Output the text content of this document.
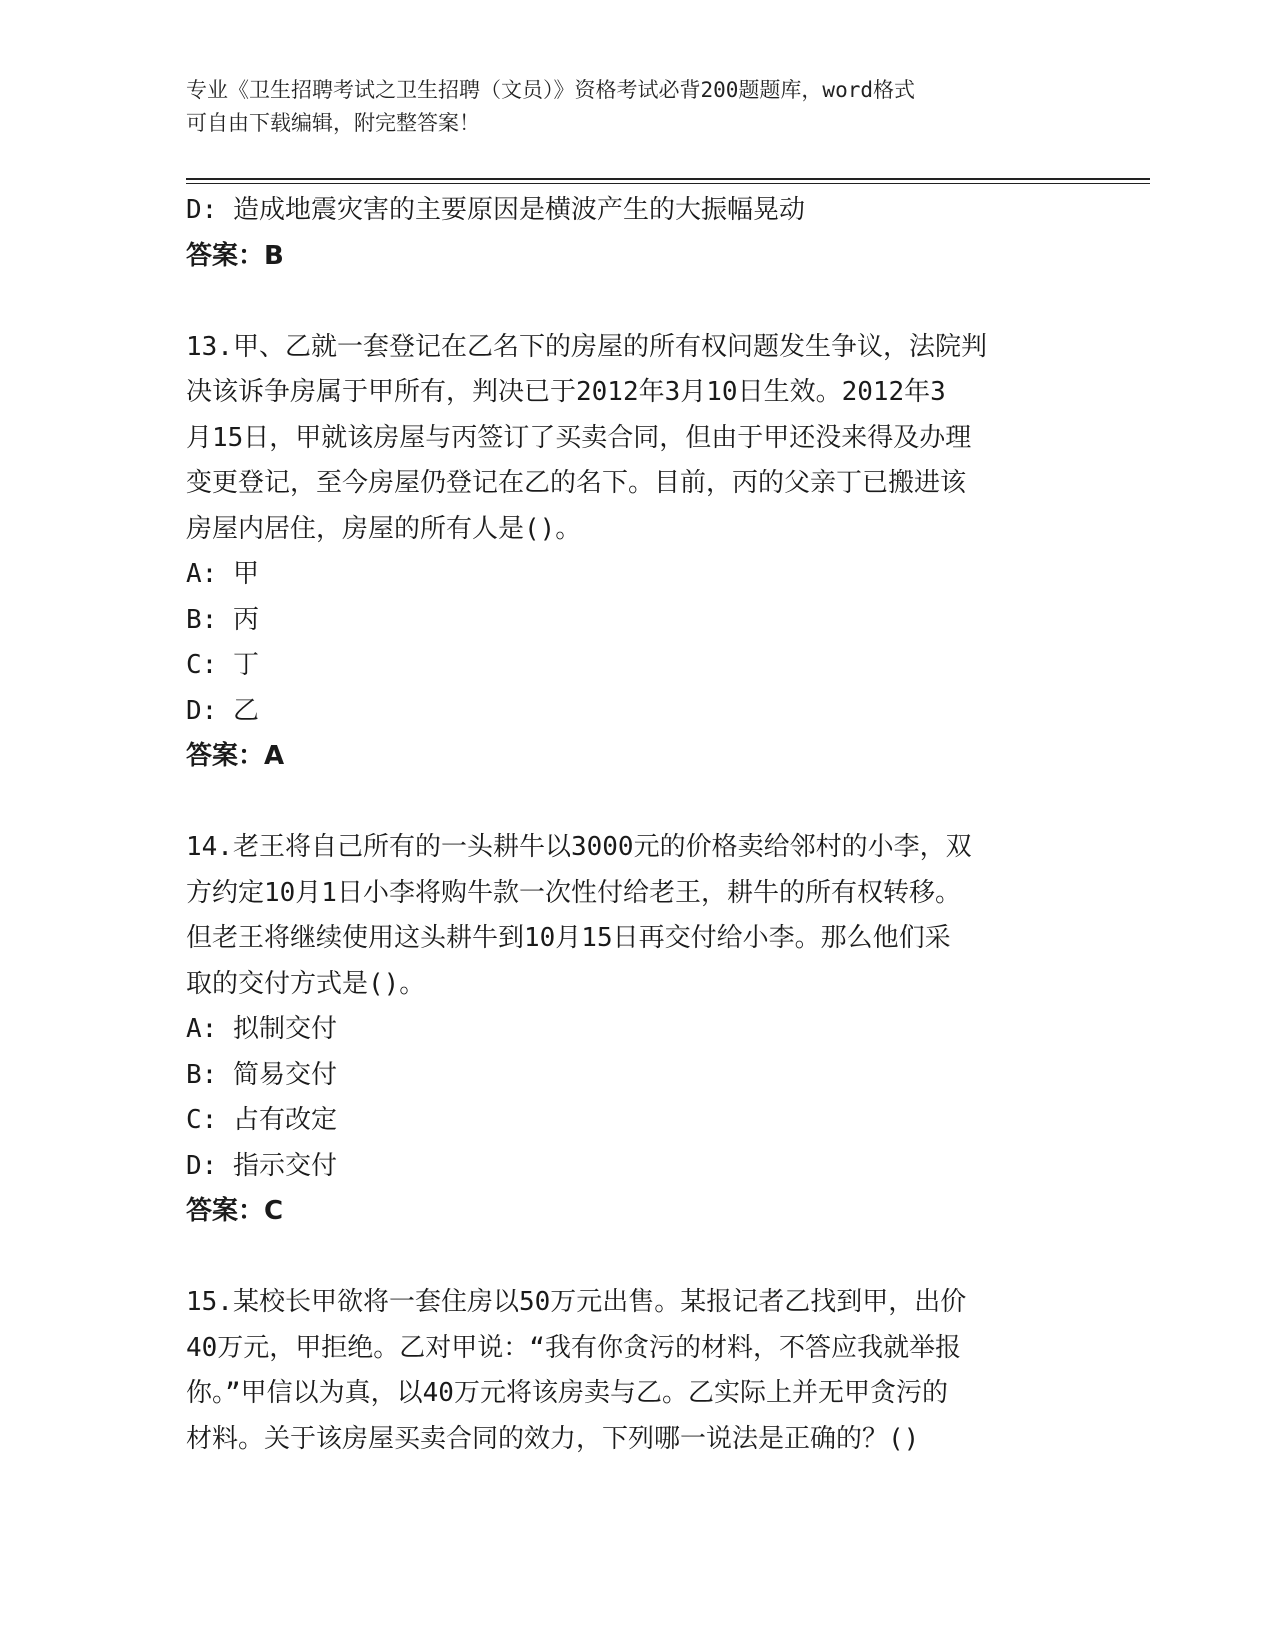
专业《卫生招聘考试之卫生招聘（文员）》资格考试必背200题题库，word格式
可自由下载编辑，附完整答案！
D: 造成地震灾害的主要原因是横波产生的大振幅晃动
答案：B
13.甲、乙就一套登记在乙名下的房屋的所有权问题发生争议，法院判
决该诉争房属于甲所有，判决已于2012年3月10日生效。2012年3
月15日，甲就该房屋与丙签订了买卖合同，但由于甲还没来得及办理
变更登记，至今房屋仍登记在乙的名下。目前，丙的父亲丁已搬进该
房屋内居住，房屋的所有人是()。
A: 甲
B: 丙
C: 丁
D: 乙
答案：A
14.老王将自己所有的一头耕牛以3000元的价格卖给邻村的小李，双
方约定10月1日小李将购牛款一次性付给老王，耕牛的所有权转移。
但老王将继续使用这头耕牛到10月15日再交付给小李。那么他们采
取的交付方式是()。
A: 拟制交付
B: 简易交付
C: 占有改定
D: 指示交付
答案：C
15.某校长甲欲将一套住房以50万元出售。某报记者乙找到甲，出价
40万元，甲拒绝。乙对甲说：“我有你贪污的材料，不答应我就举报
你。”甲信以为真，以40万元将该房卖与乙。乙实际上并无甲贪污的
材料。关于该房屋买卖合同的效力，下列哪一说法是正确的？()
